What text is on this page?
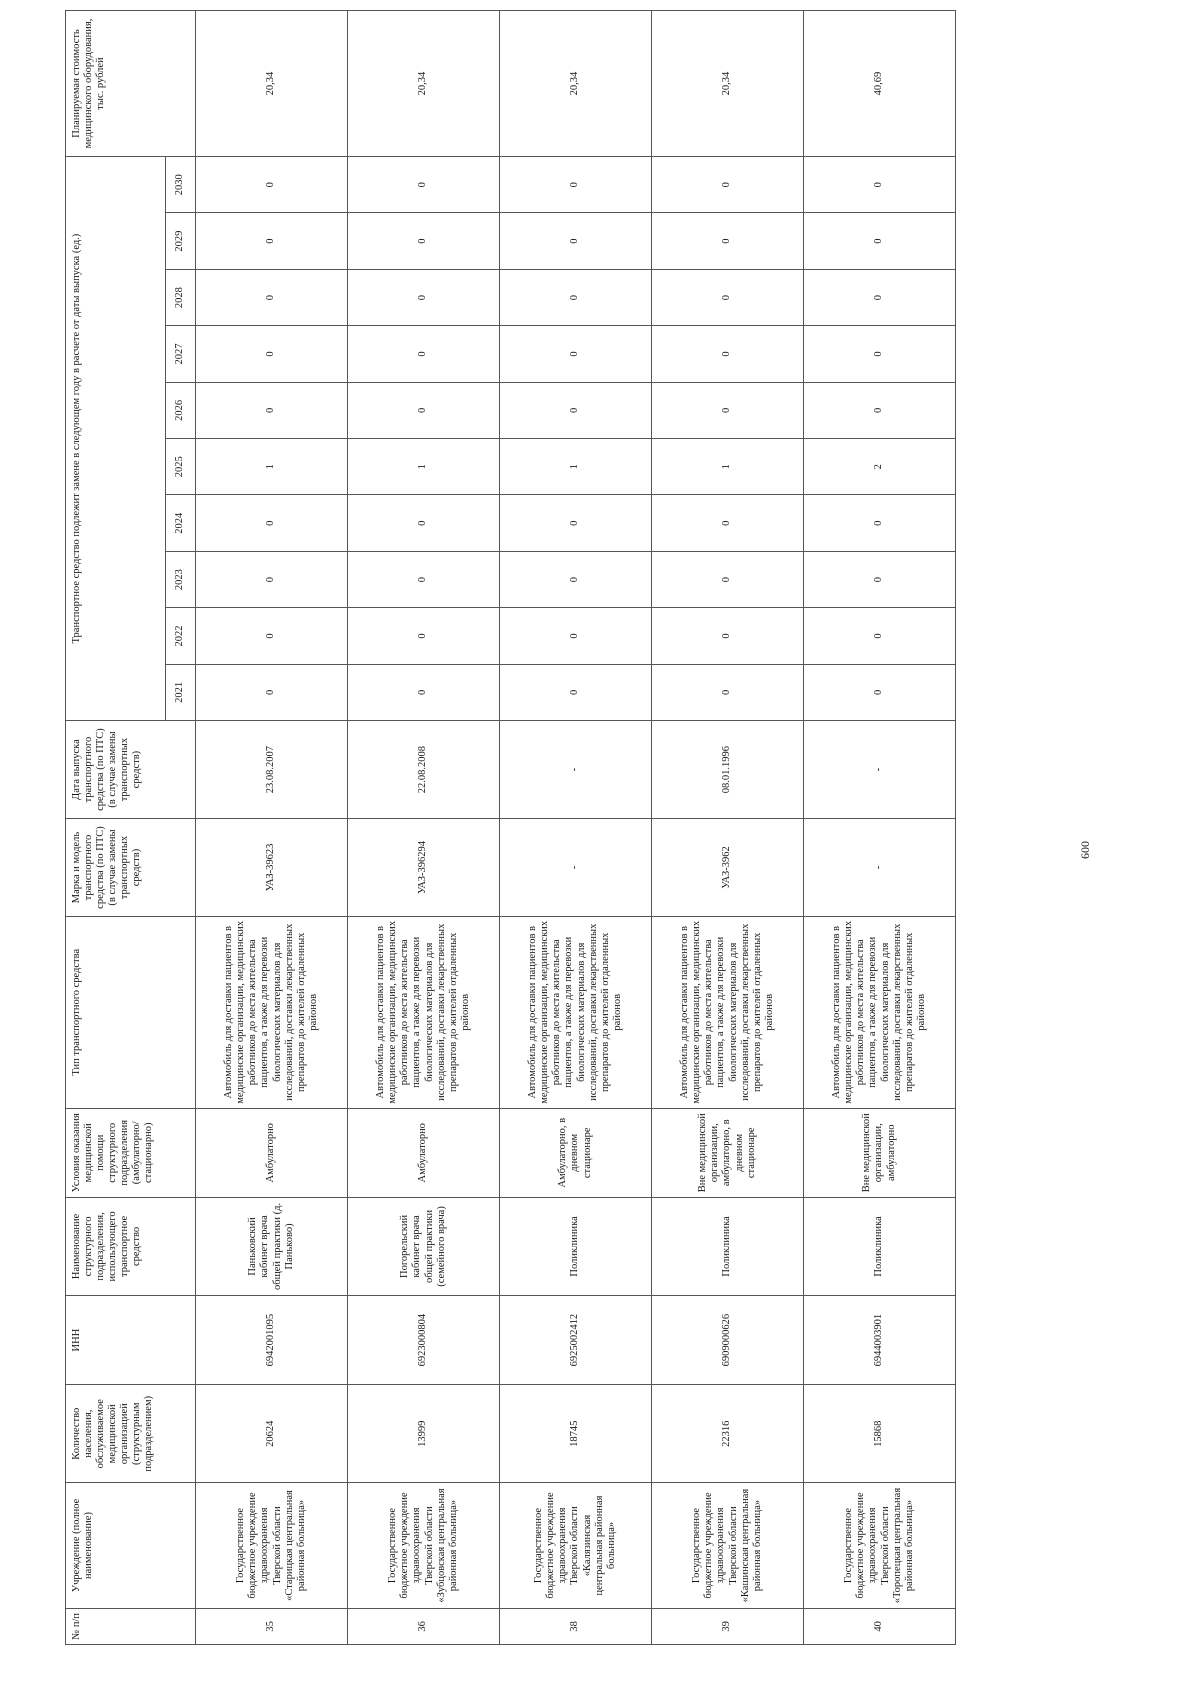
600
№ п/п	Учреждение (полное наименование)	Количество населения, обслуживаемое медицинской организацией (структурным подразделением)	ИНН	Наименование структурного подразделения, использующего транспортное средство	Условия оказания медицинской помощи структурного подразделения (амбулаторно/ стационарно)	Тип транспортного средства	Марка и модель транспортного средства (по ПТС) (в случае замены транспортных средств)	Дата выпуска транспортного средства (по ПТС) (в случае замены транспортных средств)	Транспортное средство подлежит замене в следующем году в расчете от даты выпуска (ед.)										Планируемая стоимость медицинского оборудования, тыс. рублей
									2021	2022	2023	2024	2025	2026	2027	2028	2029	2030	
35	Государственное бюджетное учреждение здравоохранения Тверской области «Старицкая центральная районная больница»	20624	6942001095	Паньковский кабинет врача общей практики (д. Паньково)	Амбулаторно	Автомобиль для доставки пациентов в медицинские организации, медицинских работников до места жительства пациентов, а также для перевозки биологических материалов для исследований, доставки лекарственных препаратов до жителей отдаленных районов	УАЗ-39623	23.08.2007	0	0	0	0	1	0	0	0	0	0	20,34
36	Государственное бюджетное учреждение здравоохранения Тверской области «Зубцовская центральная районная больница»	13999	6923000804	Погорельский кабинет врача общей практики (семейного врача)	Амбулаторно	Автомобиль для доставки пациентов в медицинские организации, медицинских работников до места жительства пациентов, а также для перевозки биологических материалов для исследований, доставки лекарственных препаратов до жителей отдаленных районов	УАЗ-396294	22.08.2008	0	0	0	0	1	0	0	0	0	0	20,34
38	Государственное бюджетное учреждение здравоохранения Тверской области «Калязинская центральная районная больница»	18745	6925002412	Поликлиника	Амбулаторно, в дневном стационаре	Автомобиль для доставки пациентов в медицинские организации, медицинских работников до места жительства пациентов, а также для перевозки биологических материалов для исследований, доставки лекарственных препаратов до жителей отдаленных районов	-	-	0	0	0	0	1	0	0	0	0	0	20,34
39	Государственное бюджетное учреждение здравоохранения Тверской области «Кашинская центральная районная больница»	22316	6909000626	Поликлиника	Вне медицинской организации, амбулаторно, в дневном стационаре	Автомобиль для доставки пациентов в медицинские организации, медицинских работников до места жительства пациентов, а также для перевозки биологических материалов для исследований, доставки лекарственных препаратов до жителей отдаленных районов	УАЗ-3962	08.01.1996	0	0	0	0	1	0	0	0	0	0	20,34
40	Государственное бюджетное учреждение здравоохранения Тверской области «Торопецкая центральная районная больница»	15868	6944003901	Поликлиника	Вне медицинской организации, амбулаторно	Автомобиль для доставки пациентов в медицинские организации, медицинских работников до места жительства пациентов, а также для перевозки биологических материалов для исследований, доставки лекарственных препаратов до жителей отдаленных районов	-	-	0	0	0	0	2	0	0	0	0	0	40,69
